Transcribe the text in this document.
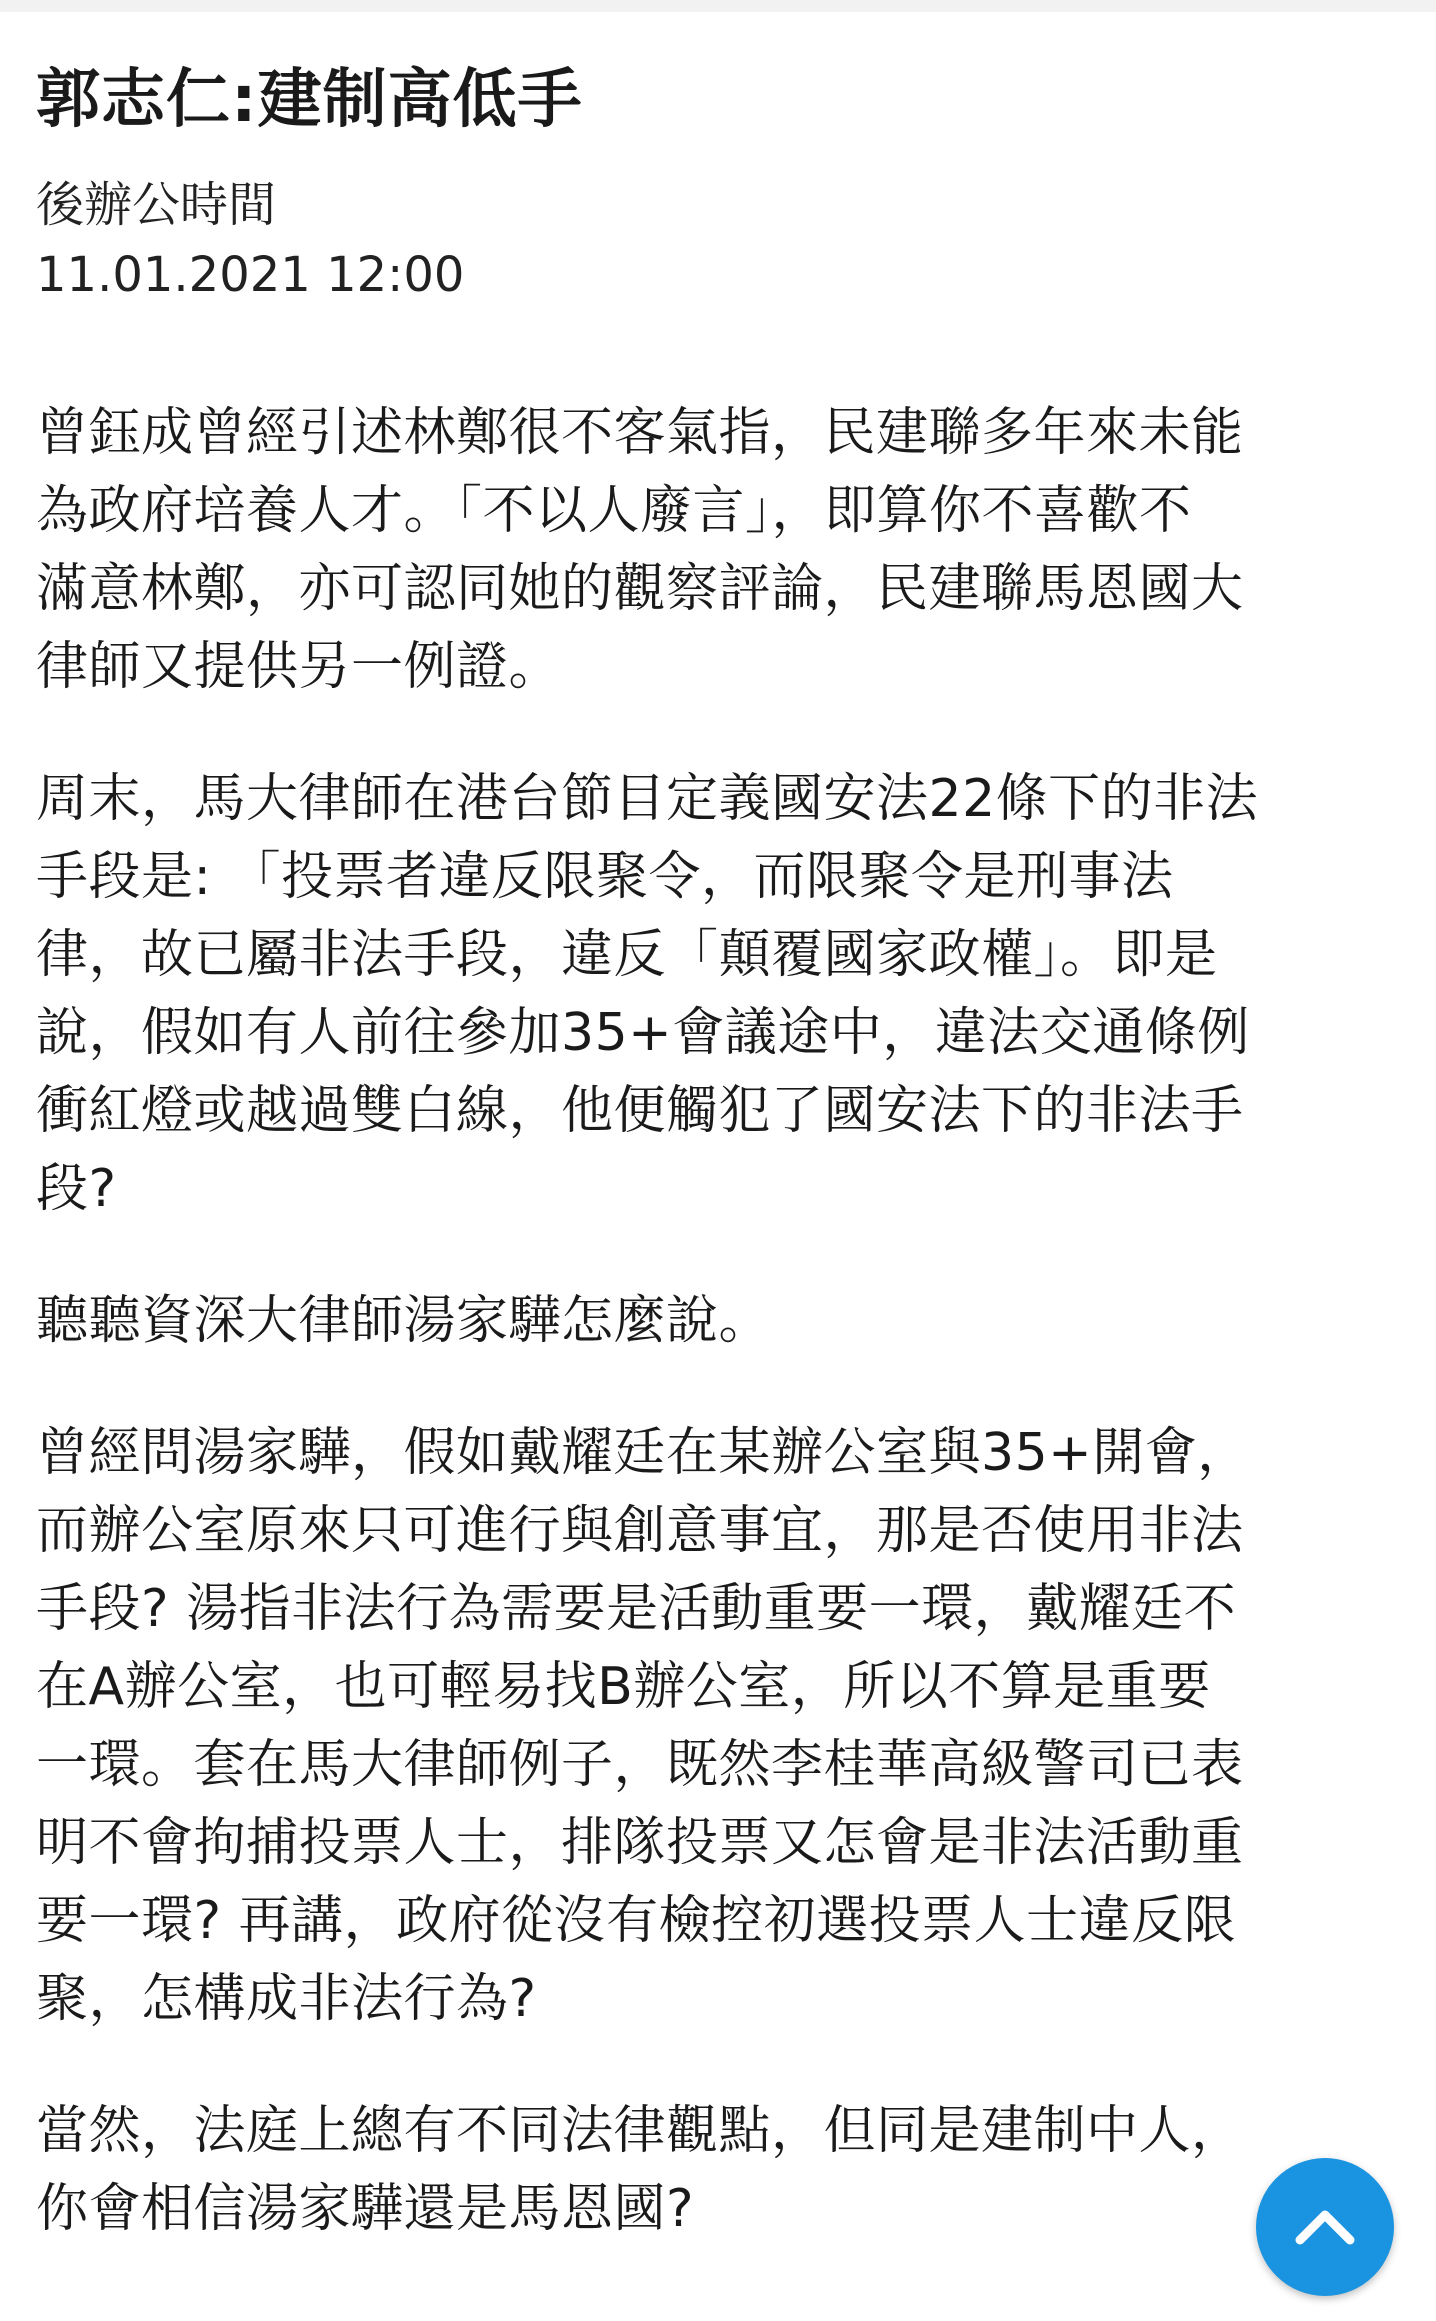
郭志仁:建制高低手
後辦公時間
11.01.2021 12:00

曾鈺成曾經引述林鄭很不客氣指，民建聯多年來未能
為政府培養人才。「不以人廢言」，即算你不喜歡不
滿意林鄭，亦可認同她的觀察評論，民建聯馬恩國大
律師又提供另一例證。

周末，馬大律師在港台節目定義國安法22條下的非法
手段是: 「投票者違反限聚令，而限聚令是刑事法
律，故已屬非法手段，違反「顛覆國家政權」。即是
說，假如有人前往參加35+會議途中，違法交通條例
衝紅燈或越過雙白線，他便觸犯了國安法下的非法手
段?

聽聽資深大律師湯家驊怎麼說。

曾經問湯家驊，假如戴耀廷在某辦公室與35+開會，
而辦公室原來只可進行與創意事宜，那是否使用非法
手段? 湯指非法行為需要是活動重要一環，戴耀廷不
在A辦公室，也可輕易找B辦公室，所以不算是重要
一環。套在馬大律師例子，既然李桂華高級警司已表
明不會拘捕投票人士，排隊投票又怎會是非法活動重
要一環? 再講，政府從沒有檢控初選投票人士違反限
聚，怎構成非法行為?

當然，法庭上總有不同法律觀點，但同是建制中人，
你會相信湯家驊還是馬恩國?
